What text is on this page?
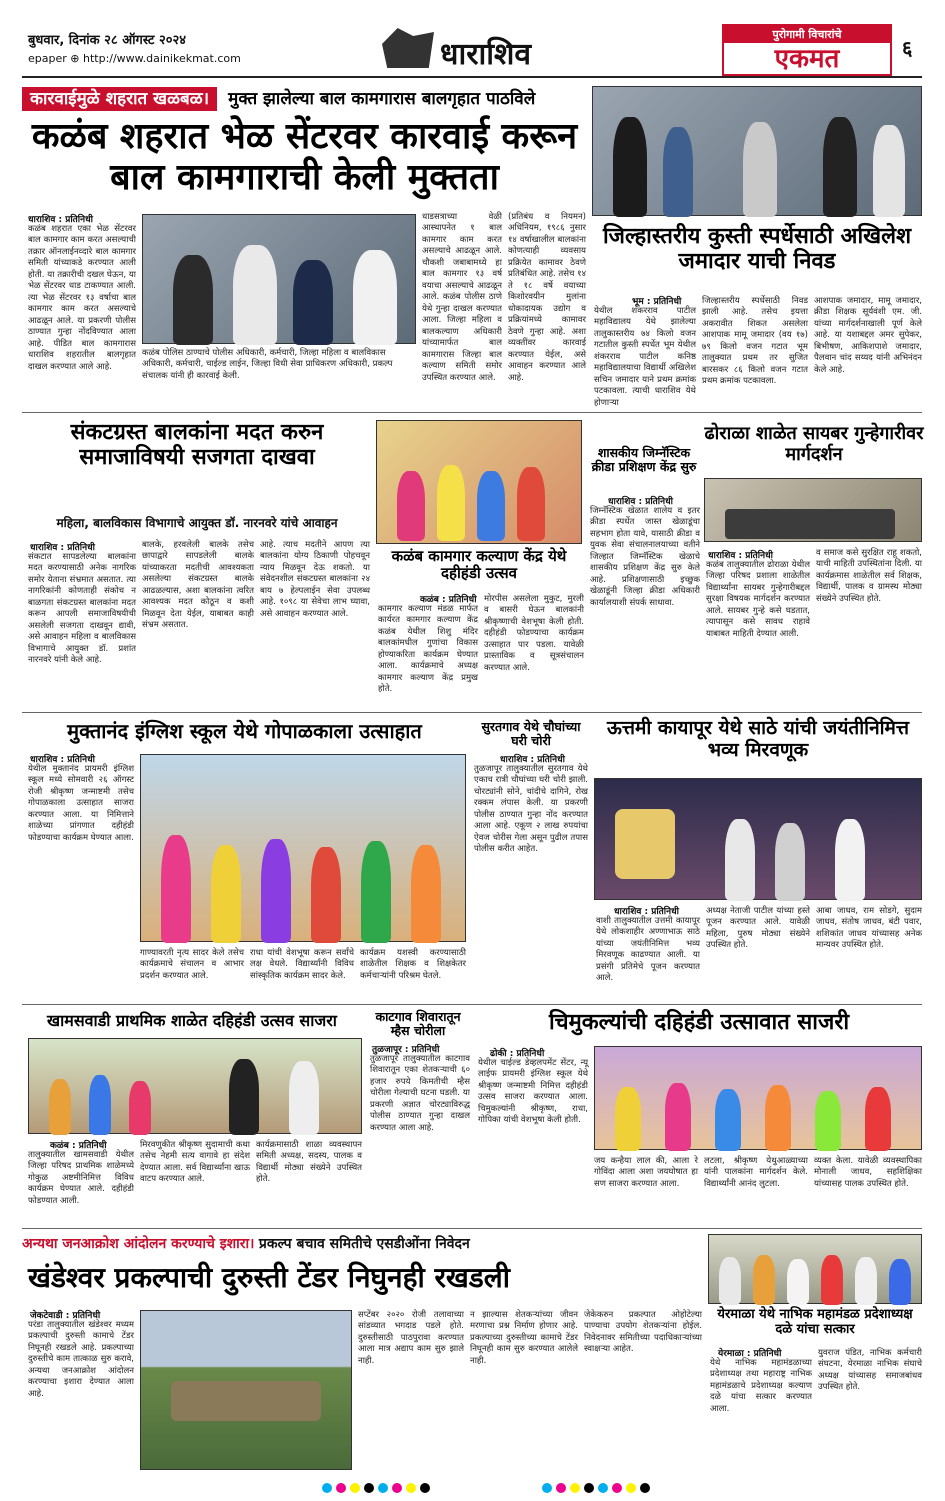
बुधवार, दिनांक २८ ऑगस्ट २०२४
epaper ⊕ http://www.dainikekmat.com	धाराशिव
पुरोगामी विचारांचे
एकमत	६
कारवाईमुळे शहरात खळबळ। मुक्त झालेल्या बाल कामगारास बालगृहात पाठविले
कळंब शहरात भेळ सेंटरवर कारवाई करून बाल कामगाराची केली मुक्तता
धाराशिव : प्रतिनिधी
कळंब शहरात एका भेळ सेंटरवर बाल कामगार काम करत असल्याची तक्रार ऑनलाईनव्दारे बाल कामगार समिती यांच्याकडे करण्यात आली होती. या तक्रारीची दखल घेऊन, या भेळ सेंटरवर धाड टाकण्यात आली. त्या भेळ सेंटरवर १३ वर्षाचा बाल कामगार काम करत असल्याचे आढळून आले. या प्रकरणी पोलीस ठाण्यात गुन्हा नोंदविण्यात आला आहे. पीडित बाल कामगारास धाराशिव शहरातील बालगृहात दाखल करण्यात आले आहे.
कळंब पोलिस ठाण्याचे पोलीस अधिकारी, कर्मचारी, जिल्हा महिला व बालविकास अधिकारी, कर्मचारी, चाईल्ड लाईन, जिल्हा विधी सेवा प्राधिकरण अधिकारी, प्रकल्प संचालक यांनी ही कारवाई केली.
धाडसत्राच्या वेळी आस्थापनेत १ बाल कामगार काम करत असल्याचे आढळून आले. चौकशी जबाबामध्ये हा बाल कामगार १३ वर्ष वयाचा असल्याचे आढळून आले. कळंब पोलीस ठाणे येथे गुन्हा दाखल करण्यात आला. जिल्हा महिला व बालकल्याण अधिकारी यांच्यामार्फत बाल कामगारास जिल्हा बाल कल्याण समिती समोर उपस्थित करण्यात आले.
(प्रतिबंध व नियमन) अधिनियम, १९८६ नुसार १४ वर्षाखालील बालकांना कोणत्याही व्यवसाय प्रक्रियेत कामावर ठेवणे प्रतिबंधित आहे. तसेच १४ ते १८ वर्षे वयाच्या किशोरवयीन मुलांना धोकादायक उद्योग व प्रक्रियांमध्ये कामावर ठेवणे गुन्हा आहे. अशा व्यक्तींवर कारवाई करण्यात येईल, असे आवाहन करण्यात आले आहे.
जिल्हास्तरीय कुस्ती स्पर्धेसाठी अखिलेश जमादार याची निवड
भूम : प्रतिनिधी
येथील शंकरराव पाटील महाविद्यालय येथे झालेल्या तालुकास्तरीय ७४ किलो वजन गटातील कुस्ती स्पर्धेत भूम येथील शंकरराव पाटील कनिष्ठ महाविद्यालयाचा विद्यार्थी अखिलेश सचिन जमादार याने प्रथम क्रमांक पटकावला. त्याची धाराशिव येथे होणाऱ्या
जिल्हास्तरीय स्पर्धेसाठी निवड झाली आहे. तसेच इयत्ता अकरावीत शिकत असलेला आशपाक मामू जमादार (वय १७) ७९ किलो वजन गटात भूम तालुक्यात प्रथम तर सुजित बारसकर ८६ किलो वजन गटात प्रथम क्रमांक पटकावला.
आशपाक जमादार, मामू जमादार, क्रीडा शिक्षक सूर्यवंशी एम. जी. यांच्या मार्गदर्शनाखाली पूर्ण केले आहे. या यशाबद्दल अमर सुपेकर, बिभीषण, आकिशपाशे जमादार, पैलवान चांद सय्यद यांनी अभिनंदन केले आहे.
संकटग्रस्त बालकांना मदत करुन समाजाविषयी सजगता दाखवा
महिला, बालविकास विभागाचे आयुक्त डॉ. नारनवरे यांचे आवाहन
धाराशिव : प्रतिनिधी
संकटात सापडलेल्या बालकांना मदत करण्यासाठी अनेक नागरिक समोर येताना संभ्रमात असतात. त्या नागरिकांनी कोणताही संकोच न बाळगता संकटग्रस्त बालकांना मदत करून आपली समाजाविषयीची असलेली सजगता दाखवून द्यावी, असे आवाहन महिला व बालविकास विभागाचे आयुक्त डॉ. प्रशांत नारनवरे यांनी केले आहे.
बालके, हरवलेली बालके तसेच छापाद्वारे सापडलेली बालके यांच्याकरता मदतीची आवश्यकता असलेल्या संकटग्रस्त बालके आढळल्यास, अशा बालकांना त्वरित आवश्यक मदत कोठून व कशी मिळवून देता येईल, याबाबत काही संभ्रम असतात.
आहे. त्याच मदतीने आपण त्या बालकांना योग्य ठिकाणी पोहचवून न्याय मिळवून देऊ शकतो. या संवेदनशील संकटग्रस्त बालकांना २४ बाय ७ हेल्पलाईन सेवा उपलब्ध आहे. १०९८ या सेवेचा लाभ घ्यावा, असे आवाहन करण्यात आले.
कळंब कामगार कल्याण केंद्र येथे दहीहंडी उत्सव
कळंब : प्रतिनिधी
कामगार कल्याण मंडळ मार्फत कार्यरत कामगार कल्याण केंद्र कळंब येथील शिशु मंदिर बालकांमधील गुणांचा विकास होण्याकरिता कार्यक्रम घेण्यात आला. कार्यक्रमाचे अध्यक्ष कामगार कल्याण केंद्र प्रमुख होते.
मोरपीस असलेला मुकुट, मुरली व बासरी घेऊन बालकांनी श्रीकृष्णाची वेशभूषा केली होती. दहीहंडी फोडण्याचा कार्यक्रम उत्साहात पार पडला. यावेळी प्रास्ताविक व सूत्रसंचालन करण्यात आले.
शासकीय जिम्नॅस्टिक क्रीडा प्रशिक्षण केंद्र सुरु
धाराशिव : प्रतिनिधी
जिम्नॅस्टिक खेळात शालेय व इतर क्रीडा स्पर्धेत जास्त खेळाडूंचा सहभाग होता यावे, यासाठी क्रीडा व युवक सेवा संचालनालयाच्या वतीने जिल्हात जिम्नॅस्टिक खेळाचे शासकीय प्रशिक्षण केंद्र सुरु केले आहे. प्रशिक्षणासाठी इच्छुक खेळाडूंनी जिल्हा क्रीडा अधिकारी कार्यालयाशी संपर्क साधावा.
ढोराळा शाळेत सायबर गुन्हेगारीवर मार्गदर्शन
धाराशिव : प्रतिनिधी
कळंब तालुक्यातील ढोराळा येथील जिल्हा परिषद प्रशाला शाळेतील विद्यार्थ्यांना सायबर गुन्हेगारीबद्दल सुरक्षा विषयक मार्गदर्शन करण्यात आले. सायबर गुन्हे कसे घडतात, त्यापासून कसे सावध राहावे याबाबत माहिती देण्यात आली.
व समाज कसे सुरक्षित राहू शकतो, याची माहिती उपस्थितांना दिली. या कार्यक्रमास शाळेतील सर्व शिक्षक, विद्यार्थी, पालक व ग्रामस्थ मोठ्या संख्येने उपस्थित होते.
मुक्तानंद इंग्लिश स्कूल येथे गोपाळकाला उत्साहात
धाराशिव : प्रतिनिधी
येथील मुक्तानंद प्रायमरी इंग्लिश स्कूल मध्ये सोमवारी २६ ऑगस्ट रोजी श्रीकृष्ण जन्माष्टमी तसेच गोपाळकाला उत्साहात साजरा करण्यात आला. या निमित्ताने शाळेच्या प्रांगणात दहीहंडी फोडण्याचा कार्यक्रम घेण्यात आला.
गाण्यावरती नृत्य सादर केले तसेच कार्यक्रमाचे संचालन व आभार प्रदर्शन करण्यात आले.
राधा यांची वेशभूषा करून सर्वांचे लक्ष वेधले. विद्यार्थ्यांनी विविध सांस्कृतिक कार्यक्रम सादर केले.
कार्यक्रम यशस्वी करण्यासाठी शाळेतील शिक्षक व शिक्षकेतर कर्मचाऱ्यांनी परिश्रम घेतले.
सुरतगाव येथे चौघांच्या घरी चोरी
धाराशिव : प्रतिनिधी
तुळजापूर तालुक्यातील सुरतगाव येथे एकाच रात्री चौघांच्या घरी चोरी झाली. चोरट्यांनी सोने, चांदीचे दागिने, रोख रक्कम लंपास केली. या प्रकरणी पोलीस ठाण्यात गुन्हा नोंद करण्यात आला आहे. एकूण २ लाख रुपयांचा ऐवज चोरीस गेला असून पुढील तपास पोलीस करीत आहेत.
ऊत्तमी कायापूर येथे साठे यांची जयंतीनिमित्त भव्य मिरवणूक
धाराशिव : प्रतिनिधी
वाशी तालुक्यातील उत्तमी कायापूर येथे लोकशाहीर अण्णाभाऊ साठे यांच्या जयंतीनिमित्त भव्य मिरवणूक काढण्यात आली. या प्रसंगी प्रतिमेचे पूजन करण्यात आले.
अध्यक्ष नेताजी पाटील यांच्या हस्ते पूजन करण्यात आले. यावेळी महिला, पुरुष मोठ्या संख्येने उपस्थित होते.
आबा जाधव, राम सोडगे, सुदाम जाधव, संतोष जाधव, बंटी पवार, शशिकांत जाधव यांच्यासह अनेक मान्यवर उपस्थित होते.
खामसवाडी प्राथमिक शाळेत दहिहंडी उत्सव साजरा
कळंब : प्रतिनिधी
तालुक्यातील खामसवाडी येथील जिल्हा परिषद प्राथमिक शाळेमध्ये गोकुळ अष्टमीनिमित्त विविध कार्यक्रम घेण्यात आले. दहीहंडी फोडण्यात आली.
मिरवणुकीत श्रीकृष्ण सुदामाची कथा तसेच नेहमी सत्य वागावे हा संदेश देण्यात आला. सर्व विद्यार्थ्यांना खाऊ वाटप करण्यात आले.
कार्यक्रमासाठी शाळा व्यवस्थापन समिती अध्यक्ष, सदस्य, पालक व विद्यार्थी मोठ्या संख्येने उपस्थित होते.
काटगाव शिवारातून म्हैस चोरीला
तुळजापूर : प्रतिनिधी
तुळजापूर तालुक्यातील काटगाव शिवारातून एका शेतकऱ्याची ६० हजार रुपये किमतीची म्हैस चोरीला गेल्याची घटना घडली. या प्रकरणी अज्ञात चोरट्याविरुद्ध पोलीस ठाण्यात गुन्हा दाखल करण्यात आला आहे.
चिमुकल्यांची दहिहंडी उत्सावात साजरी
ढोकी : प्रतिनिधी
येथील चाईल्ड डेव्हलपमेंट सेंटर, न्यू लाईफ प्रायमरी इंग्लिश स्कूल येथे श्रीकृष्ण जन्माष्टमी निमित्त दहीहंडी उत्सव साजरा करण्यात आला. चिमुकल्यांनी श्रीकृष्ण, राधा, गोपिका यांची वेशभूषा केली होती.
जय कन्हैया लाल की, आला रे गोविंदा आला अशा जयघोषात हा सण साजरा करण्यात आला.
लटला, श्रीकृष्ण येथुआळ्याच्या यांनी पालकांना मार्गदर्शन केले. विद्यार्थ्यांनी आनंद लुटला.
व्यक्त केला. यावेळी व्यवस्थापिका मोनाली जाधव, सहशिक्षिका यांच्यासह पालक उपस्थित होते.
अन्यथा जनआक्रोश आंदोलन करण्याचे इशारा। प्रकल्प बचाव समितीचे एसडीओंना निवेदन
खंडेश्वर प्रकल्पाची दुरुस्ती टेंडर निघुनही रखडली
जेकटेवाडी : प्रतिनिधी
परंडा तालुक्यातील खंडेश्वर मध्यम प्रकल्पाची दुरुस्ती कामाचे टेंडर निघूनही रखडले आहे. प्रकल्पाच्या दुरुस्तीचे काम तात्काळ सुरु करावे, अन्यथा जनआक्रोश आंदोलन करण्याचा इशारा देण्यात आला आहे.
सप्टेंबर २०२० रोजी तलावाच्या सांडव्यात भगदाड पडले होते. दुरुस्तीसाठी पाठपुरावा करण्यात आला मात्र अद्याप काम सुरु झाले नाही.
न झाल्यास शेतकऱ्यांच्या जीवन मरणाचा प्रश्न निर्माण होणार आहे. प्रकल्पाच्या दुरुस्तीच्या कामाचे टेंडर निघूनही काम सुरु करण्यात आलेले नाही.
जेकेकरुन प्रकल्पात ओहोटेल्या पाण्याचा उपयोग शेतकऱ्यांना होईल. निवेदनावर समितीच्या पदाधिकाऱ्यांच्या स्वाक्षऱ्या आहेत.
येरमाळा येथे नाभिक महामंडळ प्रदेशाध्यक्ष दळे यांचा सत्कार
येरमाळा : प्रतिनिधी
येथे नाभिक महामंडळाच्या प्रदेशाध्यक्ष तथा महाराष्ट्र नाभिक महामंडळाचे प्रदेशाध्यक्ष कल्याण दळे यांचा सत्कार करण्यात आला.
युवराज पंडित, नाभिक कर्मचारी संघटना, येरमाळा नाभिक संघाचे अध्यक्ष यांच्यासह समाजबांधव उपस्थित होते.
